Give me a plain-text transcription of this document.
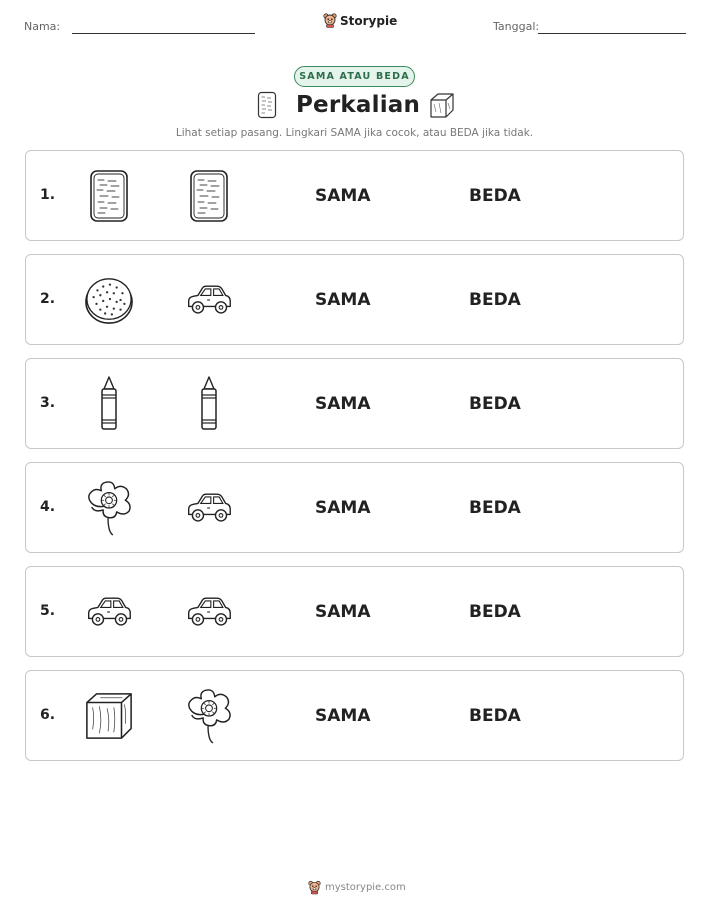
Nama:	Storypie	Tanggal:
SAMA ATAU BEDA
Perkalian
Lihat setiap pasang. Lingkari SAMA jika cocok, atau BEDA jika tidak.
1.	SAMA	BEDA
2.	SAMA	BEDA
3.	SAMA	BEDA
4.	SAMA	BEDA
5.	SAMA	BEDA
6.	SAMA	BEDA
mystorypie.com
